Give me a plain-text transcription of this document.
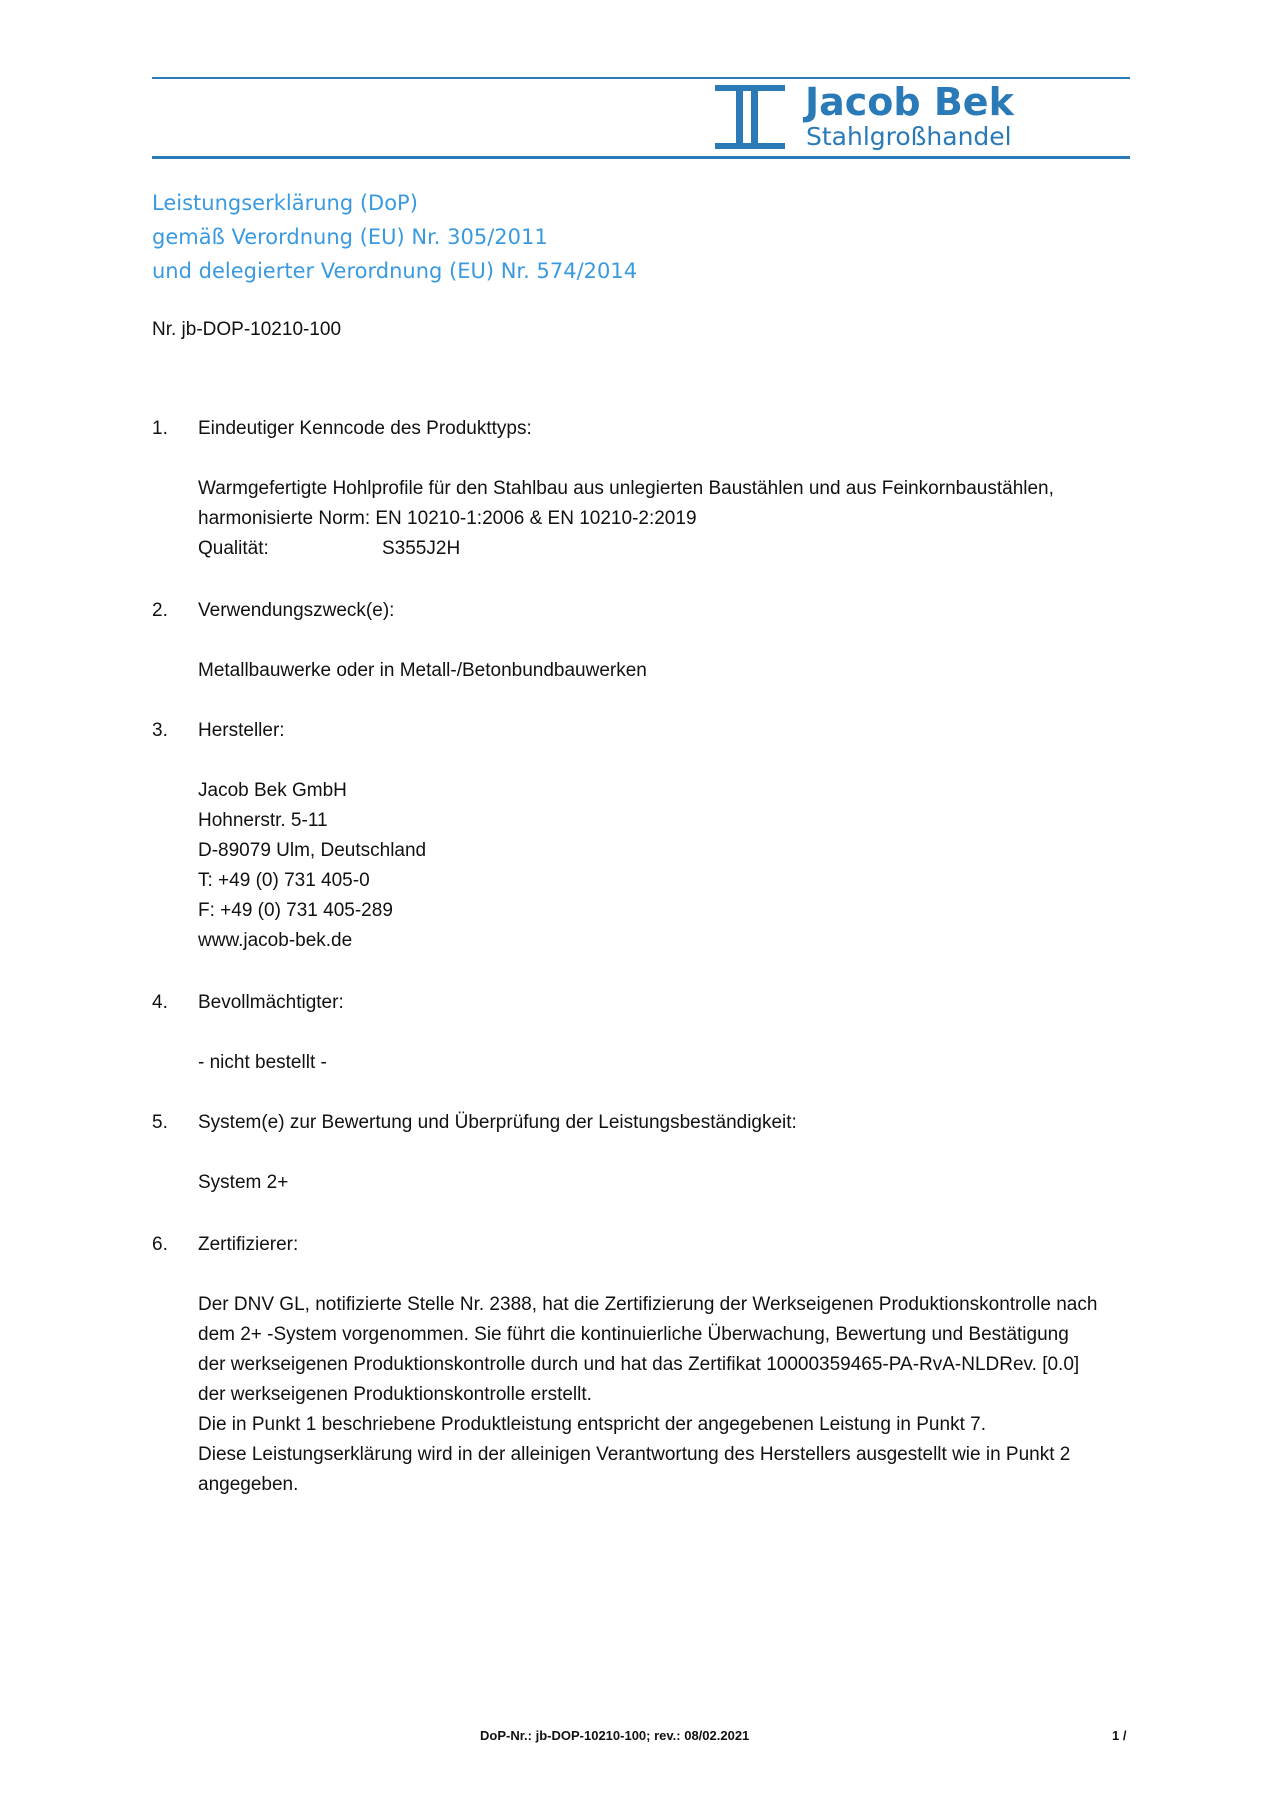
Jacob Bek
Stahlgroßhandel
Leistungserklärung (DoP)
gemäß Verordnung (EU) Nr. 305/2011
und delegierter Verordnung (EU) Nr. 574/2014
Nr. jb-DOP-10210-100
1.	Eindeutiger Kenncode des Produkttyps:
Warmgefertigte Hohlprofile für den Stahlbau aus unlegierten Baustählen und aus Feinkornbaustählen,
harmonisierte Norm: EN 10210-1:2006 & EN 10210-2:2019
Qualität:	S355J2H
2.	Verwendungszweck(e):
Metallbauwerke oder in Metall-/Betonbundbauwerken
3.	Hersteller:
Jacob Bek GmbH
Hohnerstr. 5-11
D-89079 Ulm, Deutschland
T: +49 (0) 731 405-0
F: +49 (0) 731 405-289
www.jacob-bek.de
4.	Bevollmächtigter:
- nicht bestellt -
5.	System(e) zur Bewertung und Überprüfung der Leistungsbeständigkeit:
System 2+
6.	Zertifizierer:
Der DNV GL, notifizierte Stelle Nr. 2388, hat die Zertifizierung der Werkseigenen Produktionskontrolle nach
dem 2+ -System vorgenommen. Sie führt die kontinuierliche Überwachung, Bewertung und Bestätigung
der werkseigenen Produktionskontrolle durch und hat das Zertifikat 10000359465-PA-RvA-NLDRev. [0.0]
der werkseigenen Produktionskontrolle erstellt.
Die in Punkt 1 beschriebene Produktleistung entspricht der angegebenen Leistung in Punkt 7.
Diese Leistungserklärung wird in der alleinigen Verantwortung des Herstellers ausgestellt wie in Punkt 2
angegeben.
DoP-Nr.: jb-DOP-10210-100; rev.: 08/02.2021	1 /
